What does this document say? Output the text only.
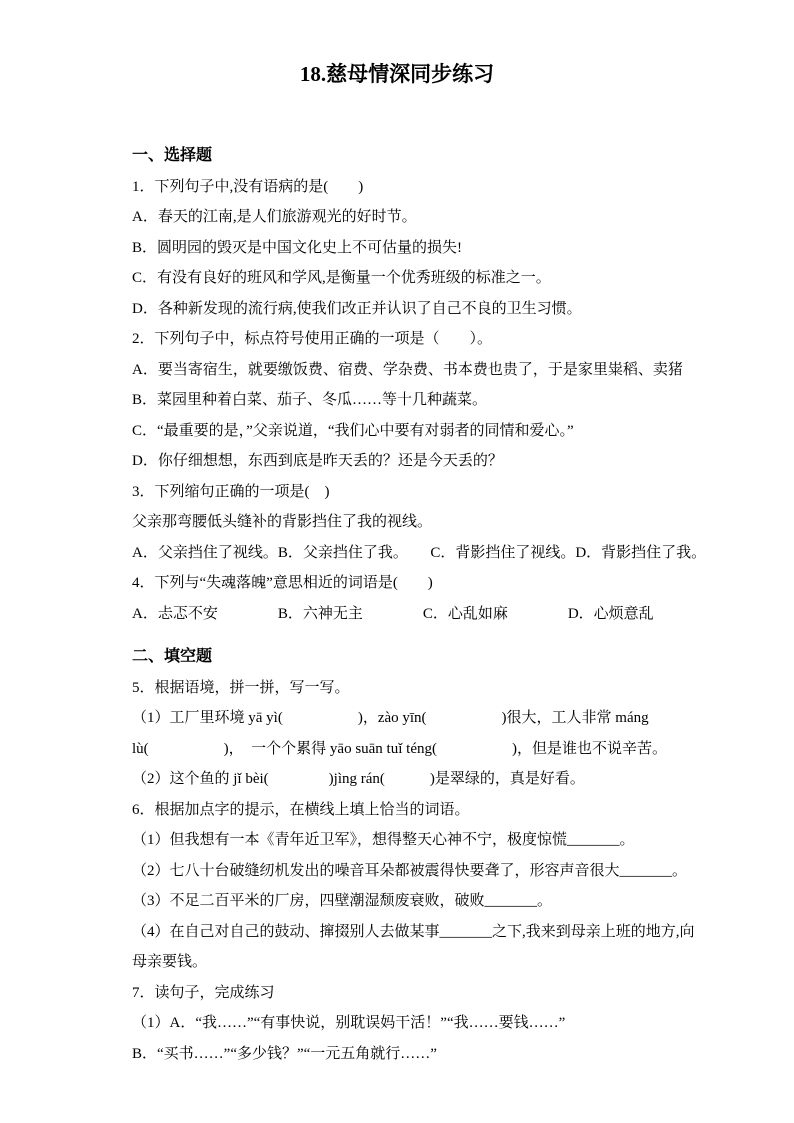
18.慈母情深同步练习

一、选择题

1．下列句子中,没有语病的是(　　)

A．春天的江南,是人们旅游观光的好时节。

B．圆明园的毁灭是中国文化史上不可估量的损失!

C．有没有良好的班风和学风,是衡量一个优秀班级的标准之一。

D．各种新发现的流行病,使我们改正并认识了自己不良的卫生习惯。

2．下列句子中，标点符号使用正确的一项是（　　）。

A．要当寄宿生，就要缴饭费、宿费、学杂费、书本费也贵了，于是家里粜稻、卖猪

B．菜园里种着白菜、茄子、冬瓜……等十几种蔬菜。

C．“最重要的是，”父亲说道，“我们心中要有对弱者的同情和爱心。”

D．你仔细想想，东西到底是昨天丢的？还是今天丢的？

3．下列缩句正确的一项是(　)

父亲那弯腰低头缝补的背影挡住了我的视线。

A．父亲挡住了视线。B．父亲挡住了我。　　C．背影挡住了视线。D．背影挡住了我。

4．下列与“失魂落魄”意思相近的词语是(　　)

A．忐忑不安　　　　B．六神无主　　　　C．心乱如麻　　　　D．心烦意乱

二、填空题

5．根据语境，拼一拼，写一写。

（1）工厂里环境 yā yì(　　　　　)，zào yīn(　　　　　)很大，工人非常 máng

lù(　　　　　)，　一个个累得 yāo suān tuǐ téng(　　　　　)，但是谁也不说辛苦。

（2）这个鱼的 jǐ bèi(　　　　)jìng rán(　　　)是翠绿的，真是好看。

6．根据加点字的提示，在横线上填上恰当的词语。

（1）但我想有一本《青年近卫军》，想得整天心神不宁，极度惊慌_______。

（2）七八十台破缝纫机发出的噪音耳朵都被震得快要聋了，形容声音很大_______。

（3）不足二百平米的厂房，四壁潮湿颓废衰败，破败_______。

（4）在自己对自己的鼓动、撺掇别人去做某事_______之下,我来到母亲上班的地方,向

母亲要钱。

7．读句子，完成练习

（1）A．“我……”“有事快说，别耽误妈干活！”“我……要钱……”

B．“买书……”“多少钱？”“一元五角就行……”
